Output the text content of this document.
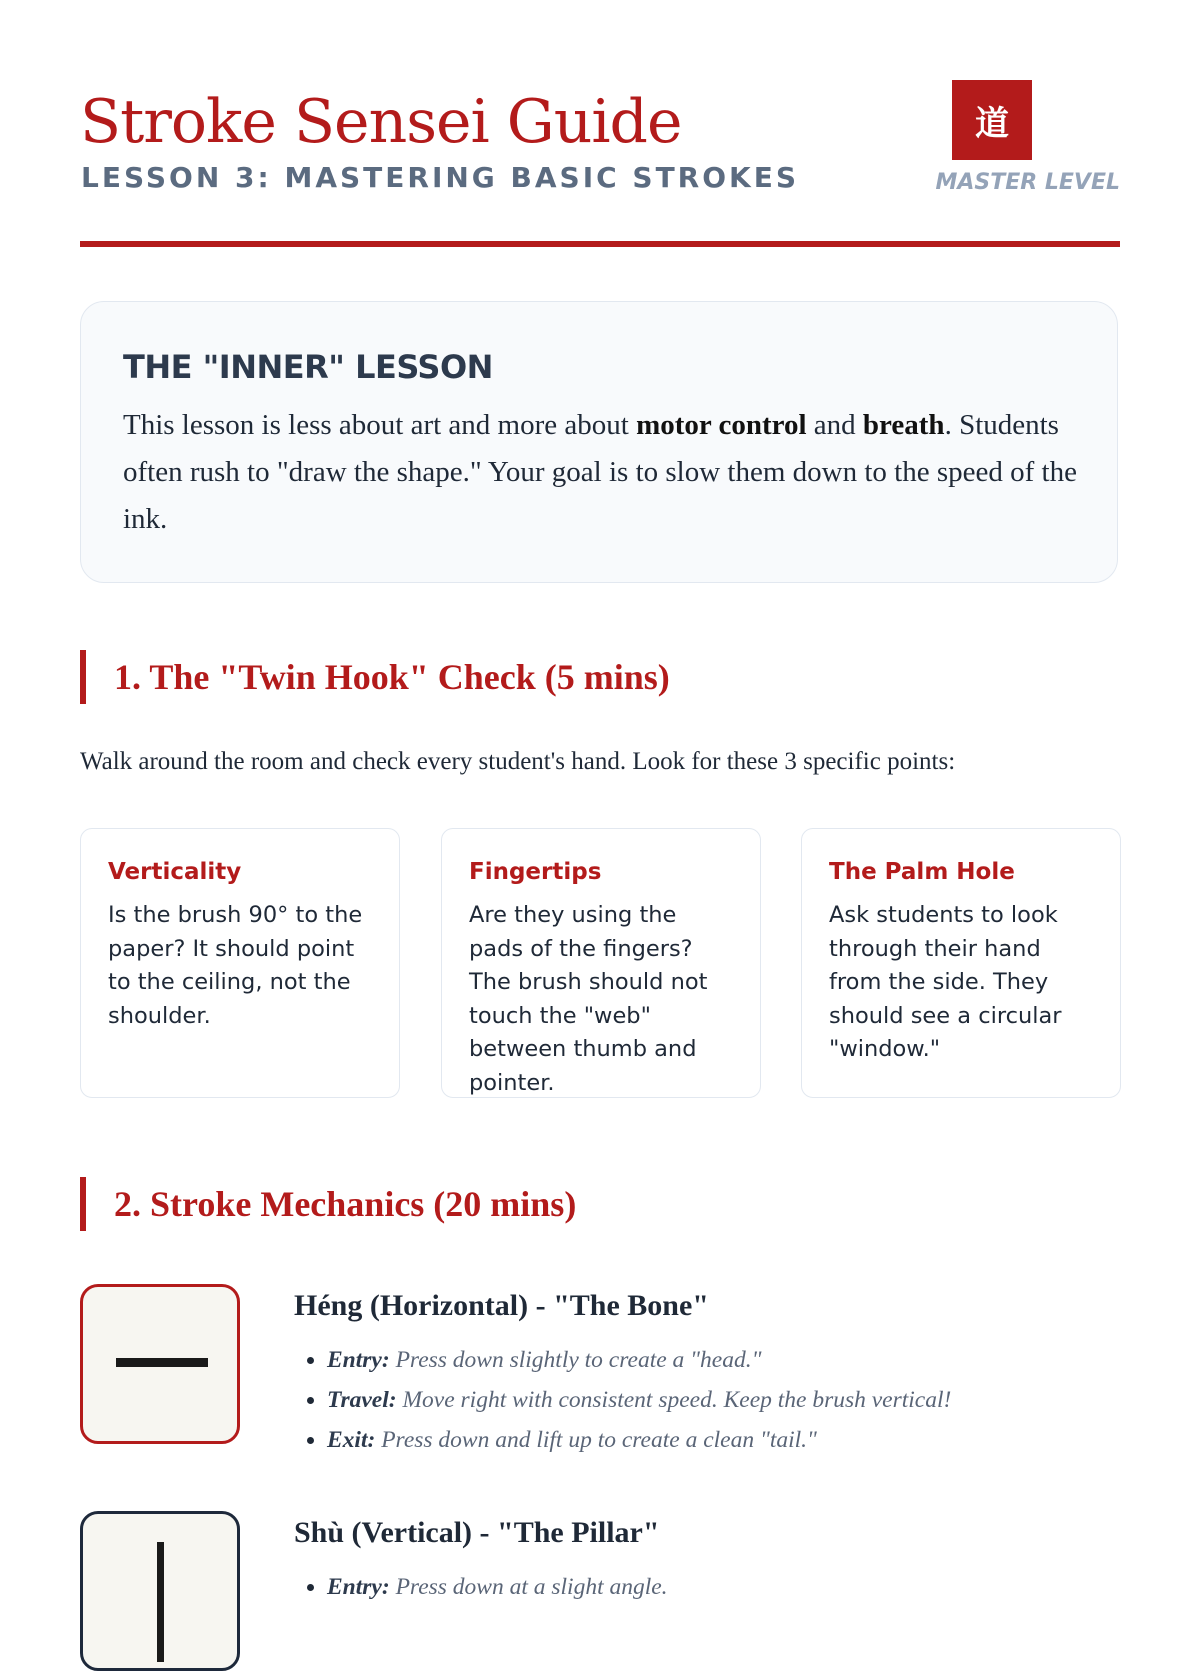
Stroke Sensei Guide
LESSON 3: MASTERING BASIC STROKES
道
MASTER LEVEL
THE "INNER" LESSON

This lesson is less about art and more about motor control and breath. Students often rush to "draw the shape." Your goal is to slow them down to the speed of the ink.

1. The "Twin Hook" Check (5 mins)

Walk around the room and check every student's hand. Look for these 3 specific points:

Verticality

Is the brush 90° to the paper? It should point to the ceiling, not the shoulder.

Fingertips

Are they using the pads of the fingers? The brush should not touch the "web" between thumb and pointer.

The Palm Hole

Ask students to look through their hand from the side. They should see a circular "window."

2. Stroke Mechanics (20 mins)
Héng (Horizontal) - "The Bone"
• Entry: Press down slightly to create a "head."
• Travel: Move right with consistent speed. Keep the brush vertical!
• Exit: Press down and lift up to create a clean "tail."
Shù (Vertical) - "The Pillar"
• Entry: Press down at a slight angle.
